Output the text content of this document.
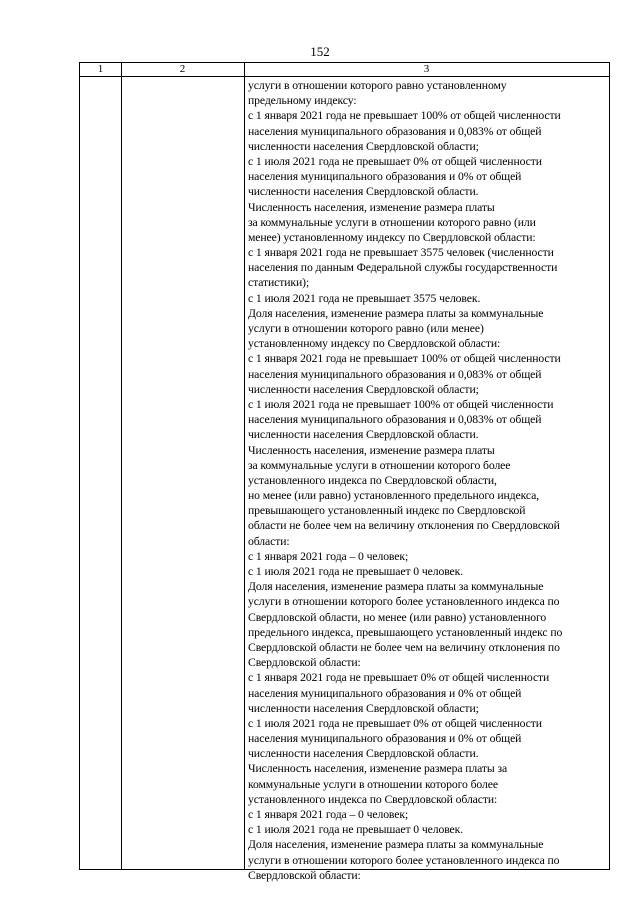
152
1	2	3
услуги в отношении которого равно установленному
предельному индексу:
с 1 января 2021 года не превышает 100% от общей численности
населения муниципального образования и 0,083% от общей
численности населения Свердловской области;
с 1 июля 2021 года не превышает 0% от общей численности
населения муниципального образования и 0% от общей
численности населения Свердловской области.
Численность населения, изменение размера платы
за коммунальные услуги в отношении которого равно (или
менее) установленному индексу по Свердловской области:
с 1 января 2021 года не превышает 3575 человек (численности
населения по данным Федеральной службы государственности
статистики);
с 1 июля 2021 года не превышает 3575 человек.
Доля населения, изменение размера платы за коммунальные
услуги в отношении которого равно (или менее)
установленному индексу по Свердловской области:
с 1 января 2021 года не превышает 100% от общей численности
населения муниципального образования и 0,083% от общей
численности населения Свердловской области;
с 1 июля 2021 года не превышает 100% от общей численности
населения муниципального образования и 0,083% от общей
численности населения Свердловской области.
Численность населения, изменение размера платы
за коммунальные услуги в отношении которого более
установленного индекса по Свердловской области,
но менее (или равно) установленного предельного индекса,
превышающего установленный индекс по Свердловской
области не более чем на величину отклонения по Свердловской
области:
с 1 января 2021 года – 0 человек;
с 1 июля 2021 года не превышает 0 человек.
Доля населения, изменение размера платы за коммунальные
услуги в отношении которого более установленного индекса по
Свердловской области, но менее (или равно) установленного
предельного индекса, превышающего установленный индекс по
Свердловской области не более чем на величину отклонения по
Свердловской области:
с 1 января 2021 года не превышает 0% от общей численности
населения муниципального образования и 0% от общей
численности населения Свердловской области;
с 1 июля 2021 года не превышает 0% от общей численности
населения муниципального образования и 0% от общей
численности населения Свердловской области.
Численность населения, изменение размера платы за
коммунальные услуги в отношении которого более
установленного индекса по Свердловской области:
с 1 января 2021 года – 0 человек;
с 1 июля 2021 года не превышает 0 человек.
Доля населения, изменение размера платы за коммунальные
услуги в отношении которого более установленного индекса по
Свердловской области:
